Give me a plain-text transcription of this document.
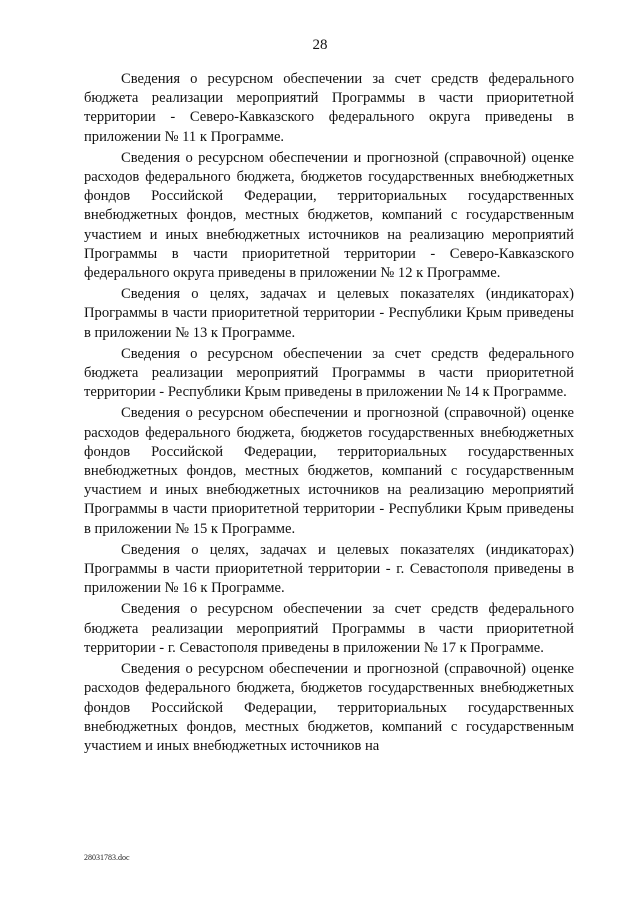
28

Сведения о ресурсном обеспечении за счет средств федерального бюджета реализации мероприятий Программы в части приоритетной территории - Северо-Кавказского федерального округа приведены в приложении № 11 к Программе.

Сведения о ресурсном обеспечении и прогнозной (справочной) оценке расходов федерального бюджета, бюджетов государственных внебюджетных фондов Российской Федерации, территориальных государственных внебюджетных фондов, местных бюджетов, компаний с государственным участием и иных внебюджетных источников на реализацию мероприятий Программы в части приоритетной территории - Северо-Кавказского федерального округа приведены в приложении № 12 к Программе.

Сведения о целях, задачах и целевых показателях (индикаторах) Программы в части приоритетной территории - Республики Крым приведены в приложении № 13 к Программе.

Сведения о ресурсном обеспечении за счет средств федерального бюджета реализации мероприятий Программы в части приоритетной территории - Республики Крым приведены в приложении № 14 к Программе.

Сведения о ресурсном обеспечении и прогнозной (справочной) оценке расходов федерального бюджета, бюджетов государственных внебюджетных фондов Российской Федерации, территориальных государственных внебюджетных фондов, местных бюджетов, компаний с государственным участием и иных внебюджетных источников на реализацию мероприятий Программы в части приоритетной территории - Республики Крым приведены в приложении № 15 к Программе.

Сведения о целях, задачах и целевых показателях (индикаторах) Программы в части приоритетной территории - г. Севастополя приведены в приложении № 16 к Программе.

Сведения о ресурсном обеспечении за счет средств федерального бюджета реализации мероприятий Программы в части приоритетной территории - г. Севастополя приведены в приложении № 17 к Программе.

Сведения о ресурсном обеспечении и прогнозной (справочной) оценке расходов федерального бюджета, бюджетов государственных внебюджетных фондов Российской Федерации, территориальных государственных внебюджетных фондов, местных бюджетов, компаний с государственным участием и иных внебюджетных источников на

28031783.doc
